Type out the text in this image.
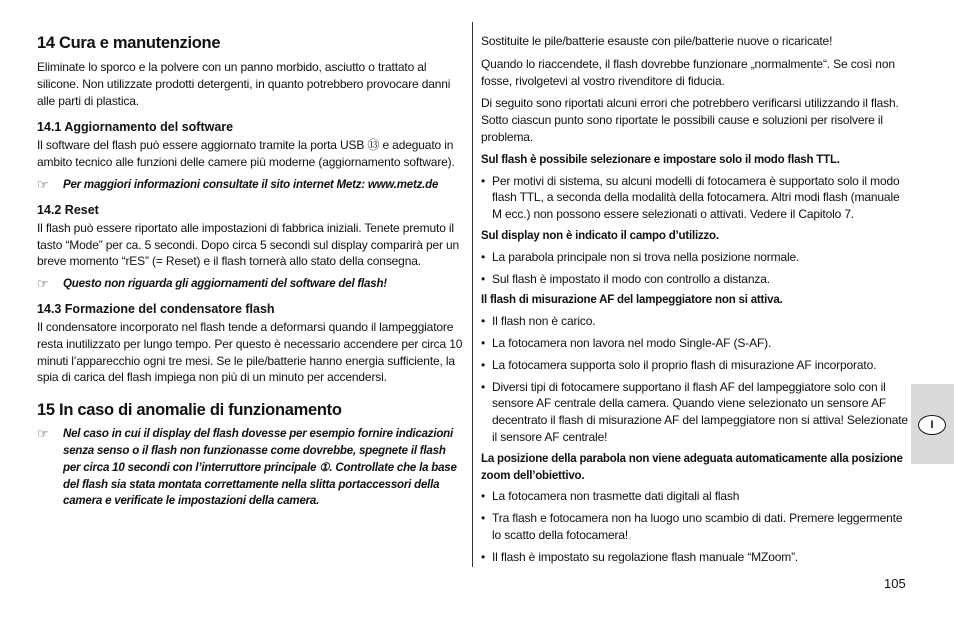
14 Cura e manutenzione

Eliminate lo sporco e la polvere con un panno morbido, asciutto o trattato al silicone. Non utilizzate prodotti detergenti, in quanto potrebbero provocare danni alle parti di plastica.

14.1 Aggiornamento del software

Il software del flash può essere aggiornato tramite la porta USB ⑬ e adeguato in ambito tecnico alle funzioni delle camere più moderne (aggiornamento software).

☞	Per maggiori informazioni consultate il sito internet Metz: www.metz.de
14.2 Reset

Il flash può essere riportato alle impostazioni di fabbrica iniziali. Tenete premuto il tasto “Mode” per ca. 5 secondi. Dopo circa 5 secondi sul display comparirà per un breve momento “rES” (= Reset) e il flash tornerà allo stato della consegna.

☞	Questo non riguarda gli aggiornamenti del software del flash!
14.3 Formazione del condensatore flash

Il condensatore incorporato nel flash tende a deformarsi quando il lampeggiatore resta inutilizzato per lungo tempo. Per questo è necessario accendere per circa 10 minuti l’apparecchio ogni tre mesi. Se le pile/batterie hanno energia sufficiente, la spia di carica del flash impiega non più di un minuto per accendersi.

15 In caso di anomalie di funzionamento
☞	Nel caso in cui il display del flash dovesse per esempio fornire indicazioni senza senso o il flash non funzionasse come dovrebbe, spegnete il flash per circa 10 secondi con l’interruttore principale ①. Controllate che la base del flash sia stata montata correttamente nella slitta portaccessori della camera e verificate le impostazioni della camera.

Sostituite le pile/batterie esauste con pile/batterie nuove o ricaricate!

Quando lo riaccendete, il flash dovrebbe funzionare „normalmente“. Se così non fosse, rivolgetevi al vostro rivenditore di fiducia.

Di seguito sono riportati alcuni errori che potrebbero verificarsi utilizzando il flash. Sotto ciascun punto sono riportate le possibili cause e soluzioni per risolvere il problema.

Sul flash è possibile selezionare e impostare solo il modo flash TTL.
• Per motivi di sistema, su alcuni modelli di fotocamera è supportato solo il modo flash TTL, a seconda della modalità della fotocamera. Altri modi flash (manuale M ecc.) non possono essere selezionati o attivati. Vedere il Capitolo 7.
Sul display non è indicato il campo d’utilizzo.
• La parabola principale non si trova nella posizione normale.
• Sul flash è impostato il modo con controllo a distanza.
Il flash di misurazione AF del lampeggiatore non si attiva.
• Il flash non è carico.
• La fotocamera non lavora nel modo Single-AF (S-AF).
• La fotocamera supporta solo il proprio flash di misurazione AF incorporato.
• Diversi tipi di fotocamere supportano il flash AF del lampeggiatore solo con il sensore AF centrale della camera. Quando viene selezionato un sensore AF decentrato il flash di misurazione AF del lampeggiatore non si attiva! Selezionate il sensore AF centrale!
La posizione della parabola non viene adeguata automaticamente alla posizione zoom dell’obiettivo.
• La fotocamera non trasmette dati digitali al flash
• Tra flash e fotocamera non ha luogo uno scambio di dati. Premere leggermente lo scatto della fotocamera!
• Il flash è impostato su regolazione flash manuale “MZoom”.
I
105
